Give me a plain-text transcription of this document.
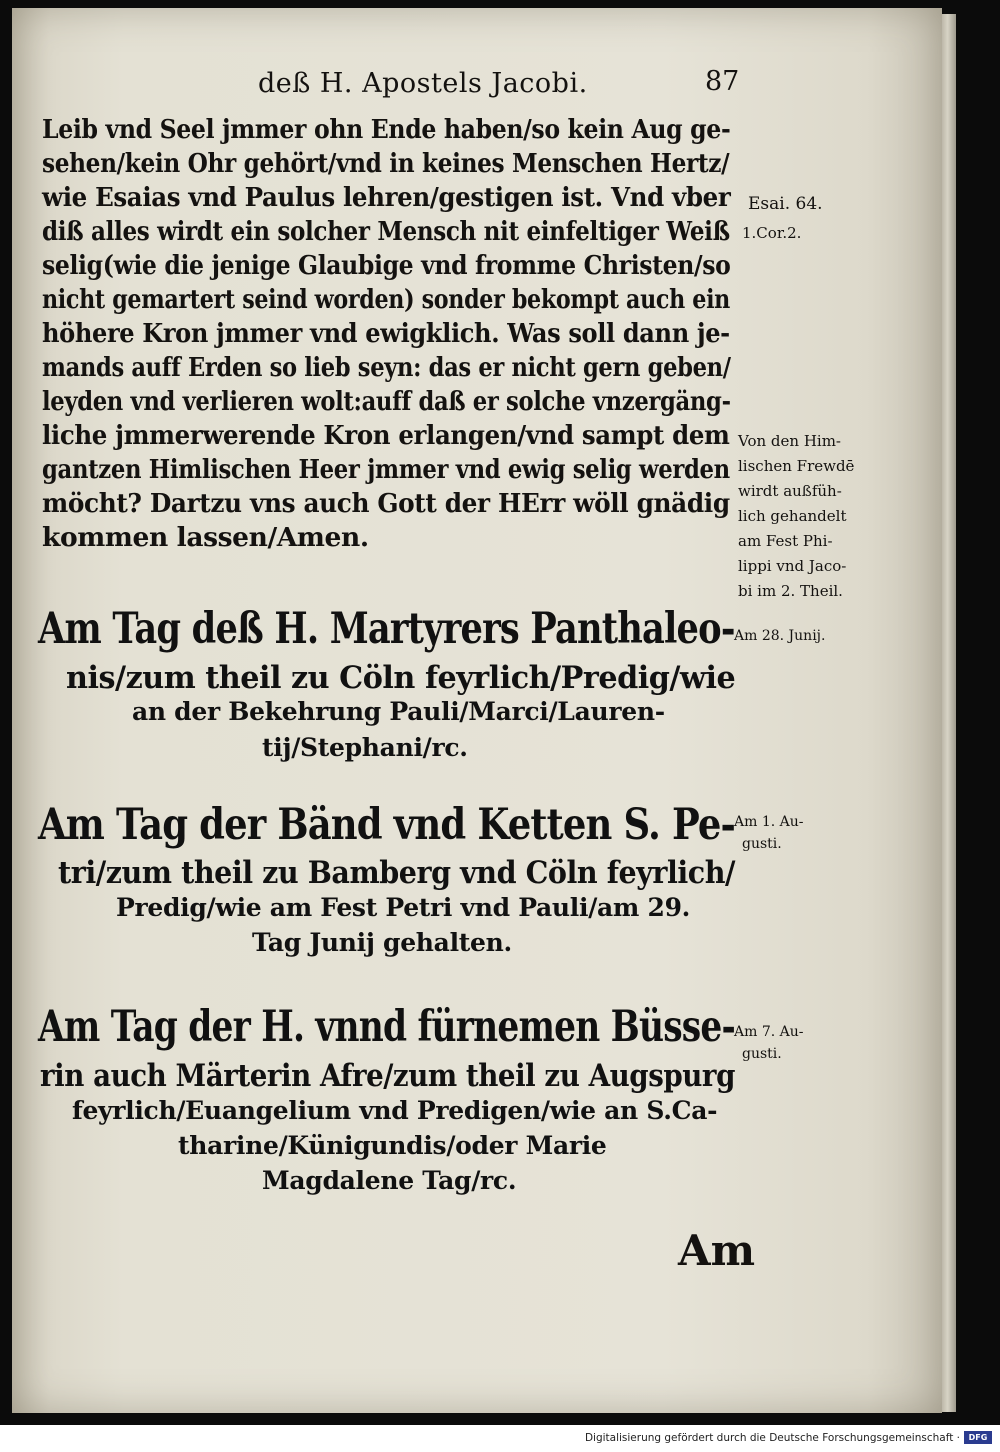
deß H. Apostels Jacobi.	87
Leib vnd Seel jmmer ohn Ende haben/so kein Aug ge-
sehen/kein Ohr gehört/vnd in keines Menschen Hertz/
wie Esaias vnd Paulus lehren/gestigen ist. Vnd vber
diß alles wirdt ein solcher Mensch nit einfeltiger Weiß
selig(wie die jenige Glaubige vnd fromme Christen/so
nicht gemartert seind worden) sonder bekompt auch ein
höhere Kron jmmer vnd ewigklich. Was soll dann je-
mands auff Erden so lieb seyn: das er nicht gern geben/
leyden vnd verlieren wolt:auff daß er solche vnzergäng-
liche jmmerwerende Kron erlangen/vnd sampt dem
gantzen Himlischen Heer jmmer vnd ewig selig werden
möcht? Dartzu vns auch Gott der HErr wöll gnädig
kommen lassen/Amen.
Esai. 64.
1.Cor.2.
Von den Him-
lischen Frewdē
wirdt außfüh-
lich gehandelt
am Fest Phi-
lippi vnd Jaco-
bi im 2. Theil.
Am 28. Junij.
Am 1. Au-
gusti.
Am 7. Au-
gusti.
Am Tag deß H. Martyrers Panthaleo-
nis/zum theil zu Cöln feyrlich/Predig/wie
an der Bekehrung Pauli/Marci/Lauren-
tij/Stephani/rc.
Am Tag der Bänd vnd Ketten S. Pe-
tri/zum theil zu Bamberg vnd Cöln feyrlich/
Predig/wie am Fest Petri vnd Pauli/am 29.
Tag Junij gehalten.
Am Tag der H. vnnd fürnemen Büsse-
rin auch Märterin Afre/zum theil zu Augspurg
feyrlich/Euangelium vnd Predigen/wie an S.Ca-
tharine/Künigundis/oder Marie
Magdalene Tag/rc.
Am
Digitalisierung gefördert durch die Deutsche Forschungsgemeinschaft ·	DFG
